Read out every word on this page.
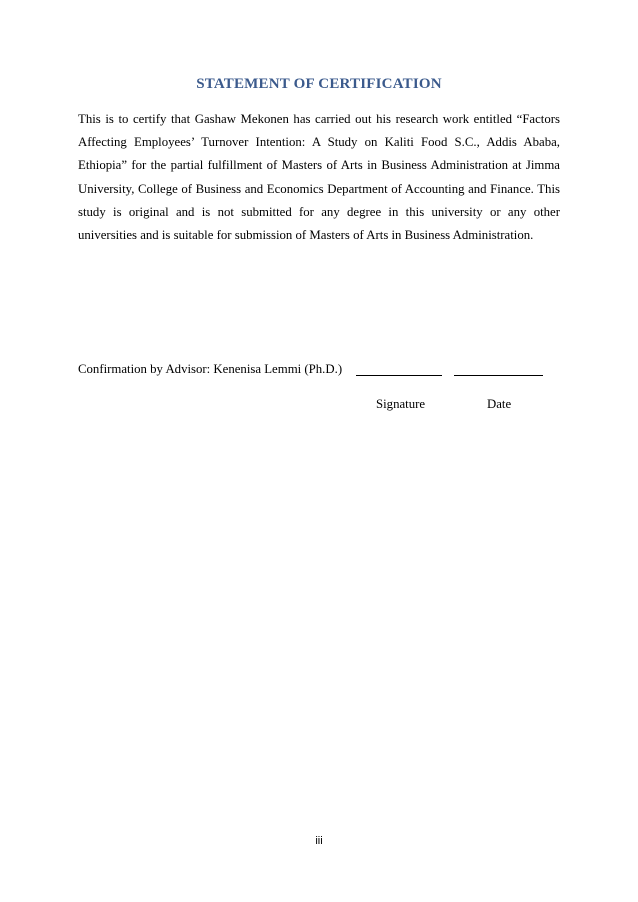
STATEMENT OF CERTIFICATION

This is to certify that Gashaw Mekonen has carried out his research work entitled “Factors Affecting Employees’ Turnover Intention: A Study on Kaliti Food S.C., Addis Ababa, Ethiopia” for the partial fulfillment of Masters of Arts in Business Administration at Jimma University, College of Business and Economics Department of Accounting and Finance. This study is original and is not submitted for any degree in this university or any other universities and is suitable for submission of Masters of Arts in Business Administration.

Confirmation by Advisor: Kenenisa Lemmi (Ph.D.)
Signature	Date
iii
